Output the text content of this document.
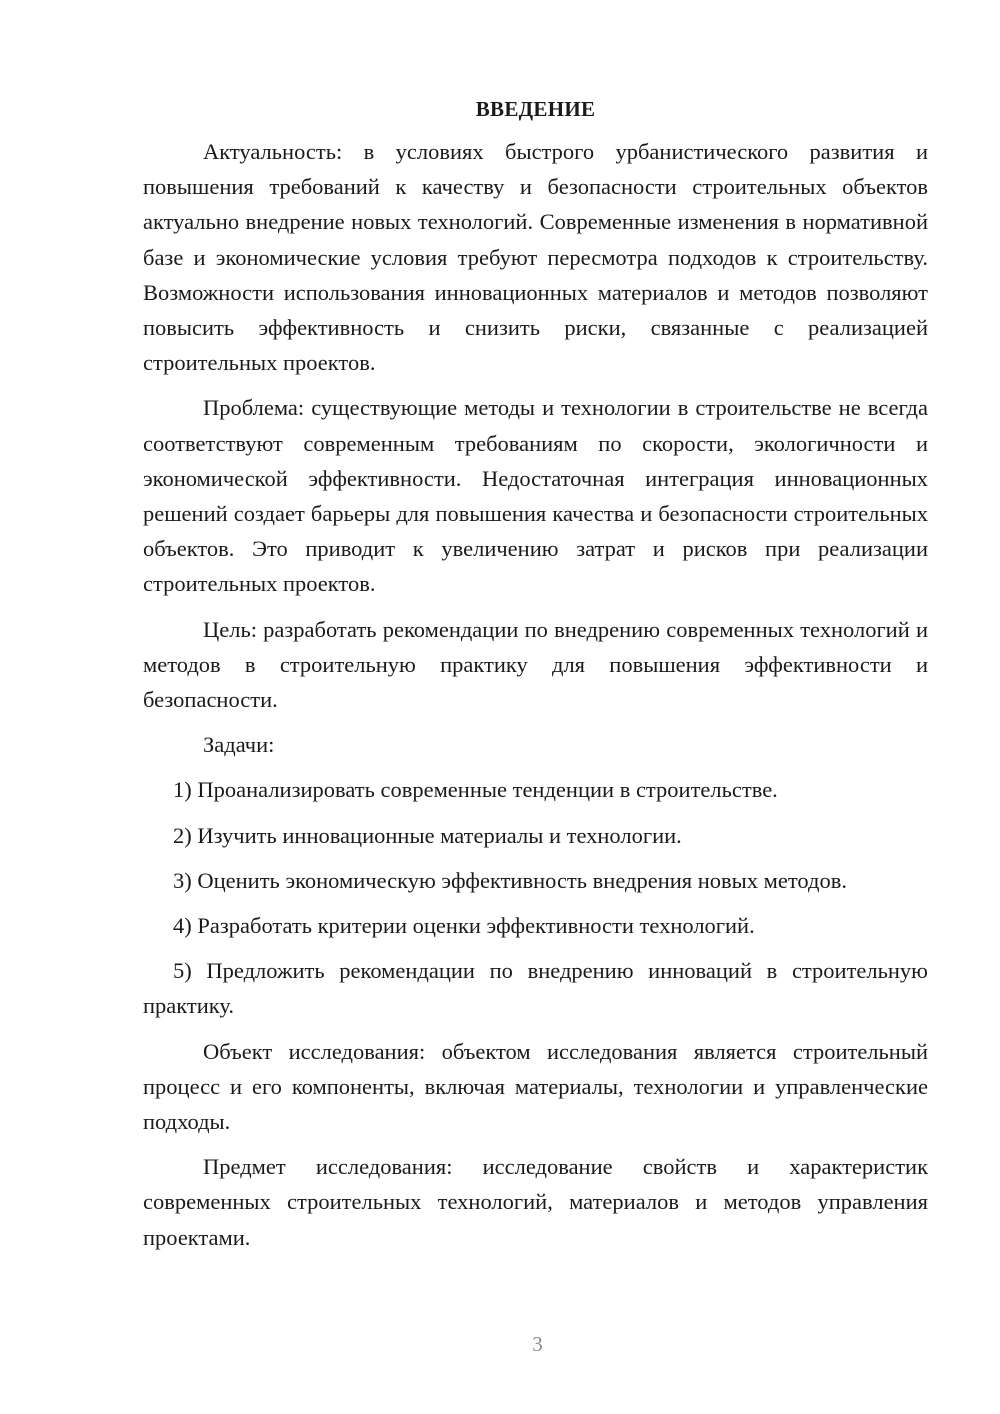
ВВЕДЕНИЕ

Актуальность: в условиях быстрого урбанистического развития и повышения требований к качеству и безопасности строительных объектов актуально внедрение новых технологий. Современные изменения в нормативной базе и экономические условия требуют пересмотра подходов к строительству. Возможности использования инновационных материалов и методов позволяют повысить эффективность и снизить риски, связанные с реализацией строительных проектов.

Проблема: существующие методы и технологии в строительстве не всегда соответствуют современным требованиям по скорости, экологичности и экономической эффективности. Недостаточная интеграция инновационных решений создает барьеры для повышения качества и безопасности строительных объектов. Это приводит к увеличению затрат и рисков при реализации строительных проектов.

Цель: разработать рекомендации по внедрению современных технологий и методов в строительную практику для повышения эффективности и безопасности.

Задачи:

1) Проанализировать современные тенденции в строительстве.

2) Изучить инновационные материалы и технологии.

3) Оценить экономическую эффективность внедрения новых методов.

4) Разработать критерии оценки эффективности технологий.

5) Предложить рекомендации по внедрению инноваций в строительную практику.

Объект исследования: объектом исследования является строительный процесс и его компоненты, включая материалы, технологии и управленческие подходы.

Предмет исследования: исследование свойств и характеристик современных строительных технологий, материалов и методов управления проектами.

3
